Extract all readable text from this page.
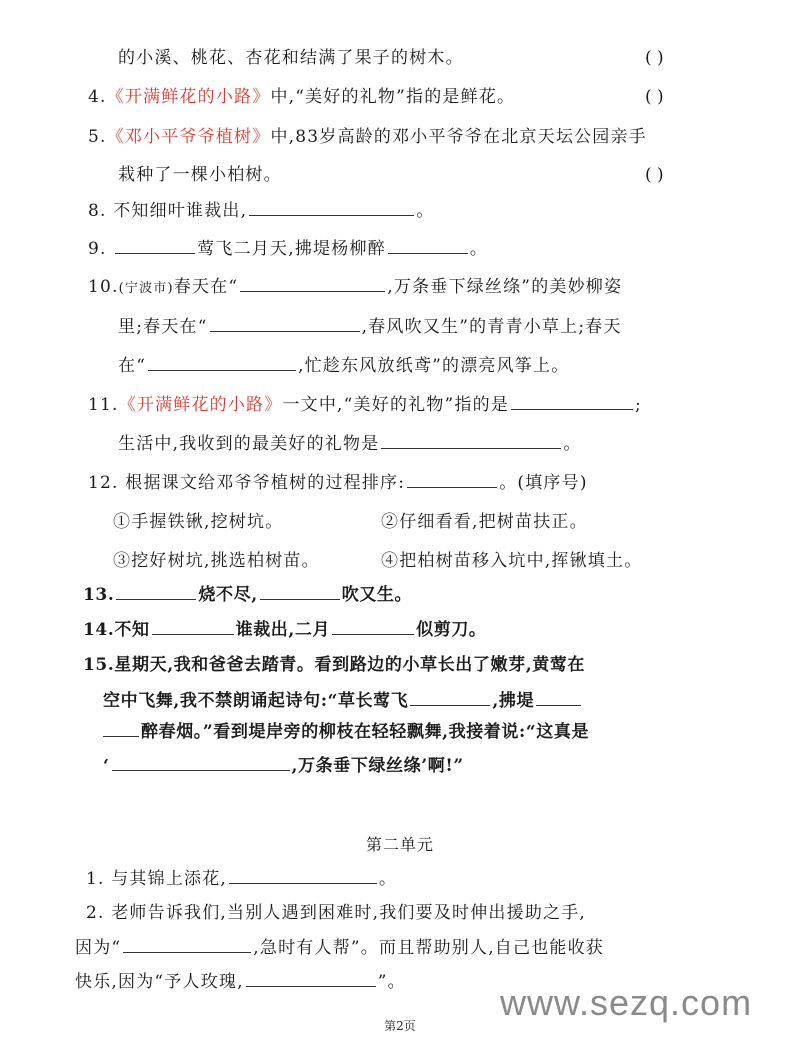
的小溪、桃花、杏花和结满了果子的树木。	( )
4.《开满鲜花的小路》中,“美好的礼物”指的是鲜花。	( )
5.《邓小平爷爷植树》中,83岁高龄的邓小平爷爷在北京天坛公园亲手
栽种了一棵小柏树。	( )
8. 不知细叶谁裁出,	。
9.	莺飞二月天,拂堤杨柳醉	。
10.(宁波市)春天在“	,万条垂下绿丝绦”的美妙柳姿
里;春天在“	,春风吹又生”的青青小草上;春天
在“	,忙趁东风放纸鸢”的漂亮风筝上。
11.《开满鲜花的小路》一文中,“美好的礼物”指的是	;
生活中,我收到的最美好的礼物是	。
12. 根据课文给邓爷爷植树的过程排序:	。(填序号)
①手握铁锹,挖树坑。	②仔细看看,把树苗扶正。
③挖好树坑,挑选柏树苗。	④把柏树苗移入坑中,挥锹填土。
13.	烧不尽,	吹又生。
14.不知	谁裁出,二月	似剪刀。
15.星期天,我和爸爸去踏青。看到路边的小草长出了嫩芽,黄莺在
空中飞舞,我不禁朗诵起诗句:“草长莺飞	,拂堤
醉春烟。”看到堤岸旁的柳枝在轻轻飘舞,我接着说:“这真是
‘	,万条垂下绿丝绦’啊!”
第二单元
1. 与其锦上添花,	。
2. 老师告诉我们,当别人遇到困难时,我们要及时伸出援助之手,
因为“	,急时有人帮”。而且帮助别人,自己也能收获
快乐,因为“予人玫瑰,	”。	www.sezq.com
第2页
